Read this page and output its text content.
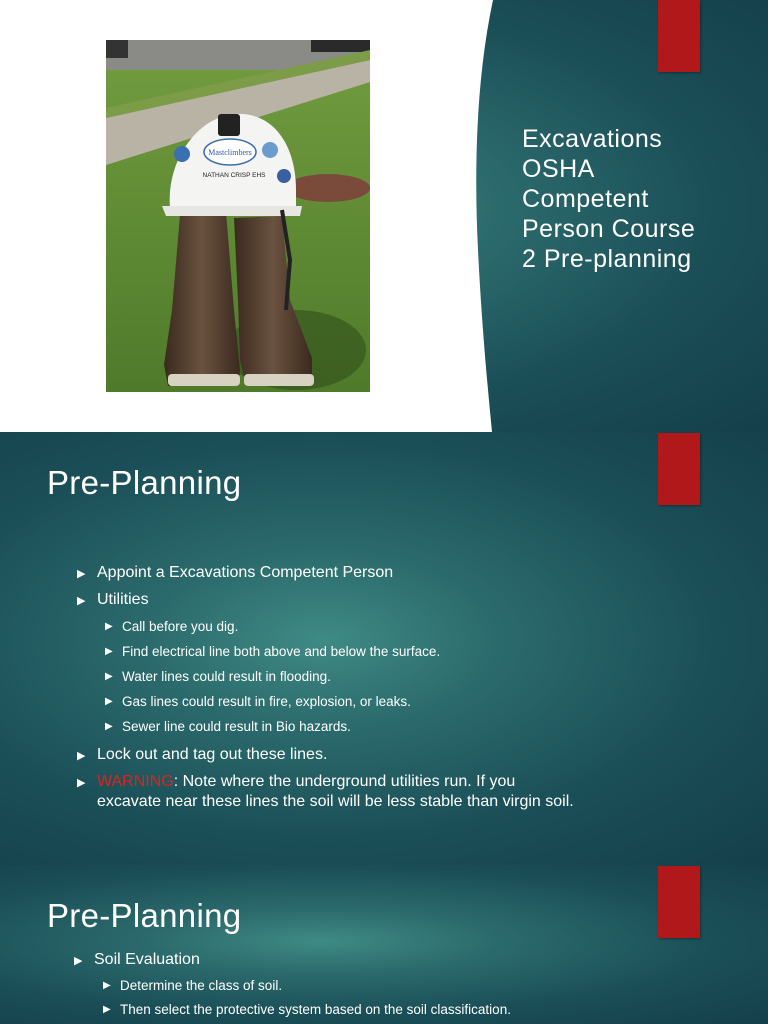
Mastclimbers
NATHAN CRISP EHS
Excavations
OSHA
Competent
Person Course
2 Pre-planning
Pre-Planning
▶ Appoint a Excavations Competent Person
▶ Utilities
▶ Call before you dig.
▶ Find electrical line both above and below the surface.
▶ Water lines could result in flooding.
▶ Gas lines could result in fire, explosion, or leaks.
▶ Sewer line could result in Bio hazards.
▶ Lock out and tag out these lines.
▶ WARNING: Note where the underground utilities run. If you
excavate near these lines the soil will be less stable than virgin soil.
Pre-Planning
▶ Soil Evaluation
▶ Determine the class of soil.
▶ Then select the protective system based on the soil classification.
